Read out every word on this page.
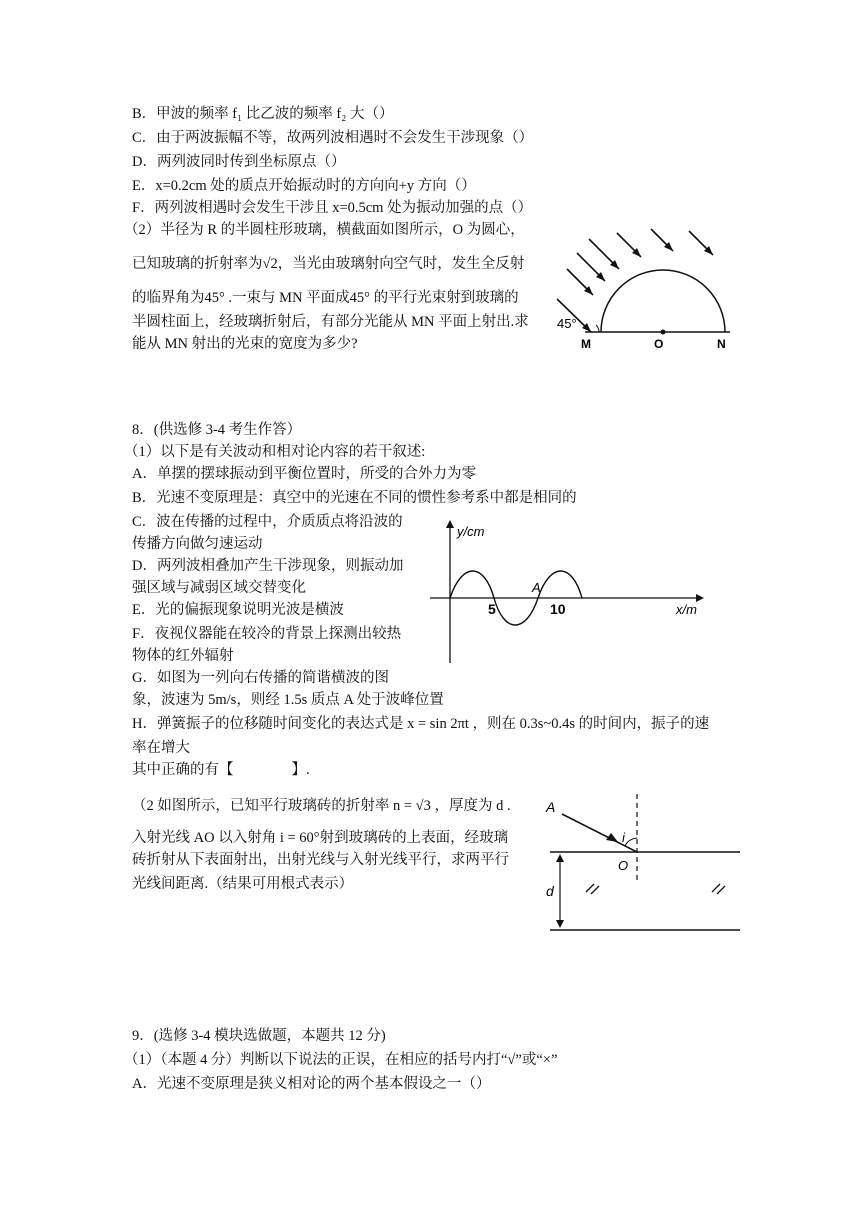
B．甲波的频率 f₁ 比乙波的频率 f₂ 大（）
C．由于两波振幅不等，故两列波相遇时不会发生干涉现象（）
D．两列波同时传到坐标原点（）
E．x=0.2cm 处的质点开始振动时的方向向+y 方向（）
F．两列波相遇时会发生干涉且 x=0.5cm 处为振动加强的点（）
（2）半径为 R 的半圆柱形玻璃，横截面如图所示，O 为圆心，
已知玻璃的折射率为√2，当光由玻璃射向空气时，发生全反射
的临界角为45° .一束与 MN 平面成45° 的平行光束射到玻璃的
半圆柱面上，经玻璃折射后，有部分光能从 MN 平面上射出.求
能从 MN 射出的光束的宽度为多少?
45°
M	O	N
8．(供选修 3-4 考生作答）
（1）以下是有关波动和相对论内容的若干叙述:
A．单摆的摆球振动到平衡位置时，所受的合外力为零
B．光速不变原理是：真空中的光速在不同的惯性参考系中都是相同的
C．波在传播的过程中，介质质点将沿波的
传播方向做匀速运动
D．两列波相叠加产生干涉现象，则振动加
强区域与减弱区域交替变化
E．光的偏振现象说明光波是横波
F．夜视仪器能在较冷的背景上探测出较热
物体的红外辐射
G．如图为一列向右传播的简谐横波的图
象，波速为 5m/s，则经 1.5s 质点 A 处于波峰位置
H．弹簧振子的位移随时间变化的表达式是 x = sin 2πt ，则在 0.3s~0.4s 的时间内，振子的速
率在增大
其中正确的有【　　　　】.
y/cm
x/m
5	10
A
（2 如图所示，已知平行玻璃砖的折射率 n = √3 ，厚度为 d .
入射光线 AO 以入射角 i = 60°射到玻璃砖的上表面，经玻璃
砖折射从下表面射出，出射光线与入射光线平行，求两平行
光线间距离.（结果可用根式表示）
A
i
O
d
9．(选修 3-4 模块选做题，本题共 12 分)
（1）（本题 4 分）判断以下说法的正误，在相应的括号内打“√”或“×”
A．光速不变原理是狭义相对论的两个基本假设之一（）
